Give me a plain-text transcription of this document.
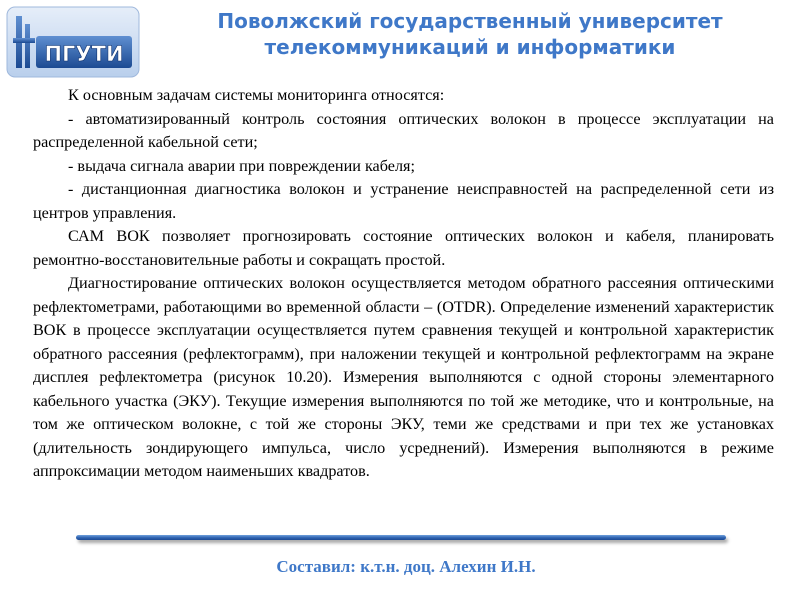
ПГУТИ
Поволжский государственный университет
телекоммуникаций и информатики

К основным задачам системы мониторинга относятся:

- автоматизированный контроль состояния оптических волокон в процессе эксплуатации на распределенной кабельной сети;

- выдача сигнала аварии при повреждении кабеля;

- дистанционная диагностика волокон и устранение неисправностей на распределенной сети из центров управления.

САМ ВОК позволяет прогнозировать состояние оптических волокон и кабеля, планировать ремонтно-восстановительные работы и сокращать простой.

Диагностирование оптических волокон осуществляется методом обратного рассеяния оптическими рефлектометрами, работающими во временной области – (OTDR). Определение изменений характеристик ВОК в процессе эксплуатации осуществляется путем сравнения текущей и контрольной характеристик обратного рассеяния (рефлектограмм), при наложении текущей и контрольной рефлектограмм на экране дисплея рефлектометра (рисунок 10.20). Измерения выполняются с одной стороны элементарного кабельного участка (ЭКУ). Текущие измерения выполняются по той же методике, что и контрольные, на том же оптическом волокне, с той же стороны ЭКУ, теми же средствами и при тех же установках (длительность зондирующего импульса, число усреднений). Измерения выполняются в режиме аппроксимации методом наименьших квадратов.

Составил: к.т.н. доц. Алехин И.Н.
